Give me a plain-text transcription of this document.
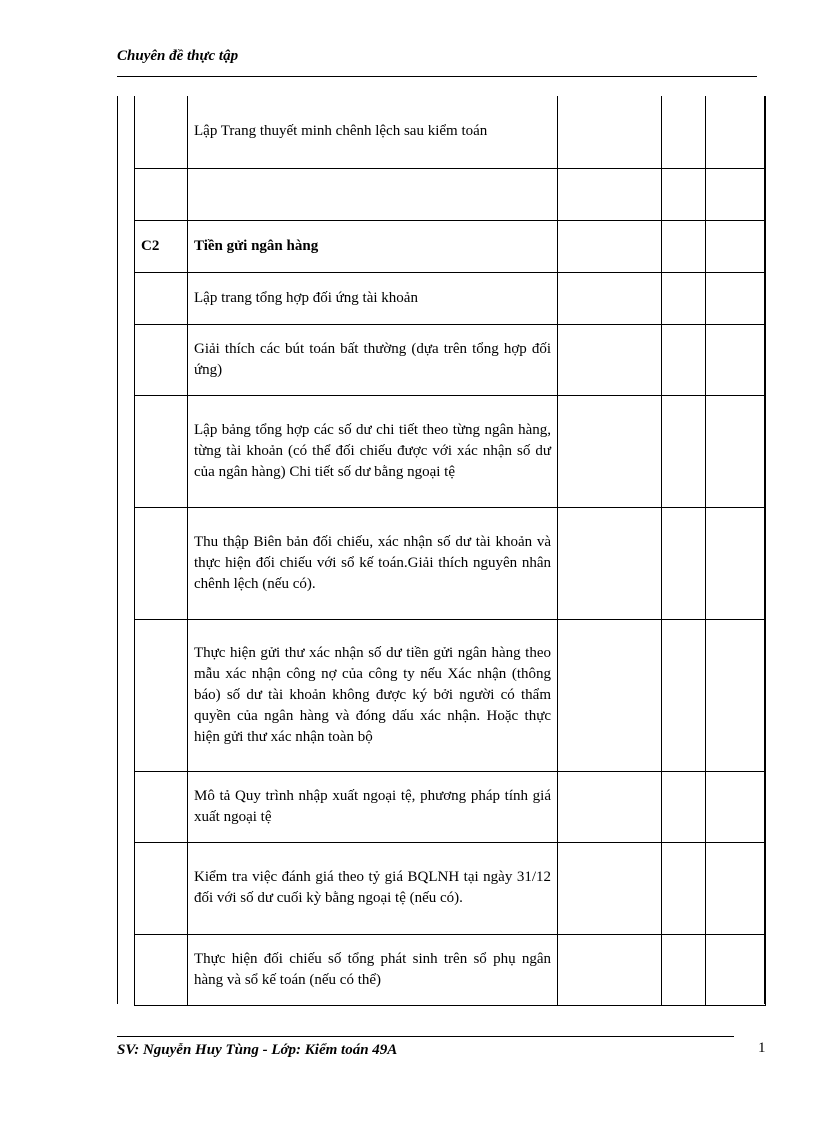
Chuyên đề thực tập
	Lập Trang thuyết minh chênh lệch sau kiểm toán			

C2	Tiền gửi ngân hàng			
	Lập trang tổng hợp đối ứng tài khoản			
	Giải thích các bút toán bất thường (dựa trên tổng hợp đối ứng)			
	Lập bảng tổng hợp các số dư chi tiết theo từng ngân hàng, từng tài khoản (có thể đối chiếu được với xác nhận số dư của ngân hàng) Chi tiết số dư bằng ngoại tệ			
	Thu thập Biên bản đối chiếu, xác nhận số dư tài khoản và thực hiện đối chiếu với sổ kế toán.Giải thích nguyên nhân chênh lệch (nếu có).			
	Thực hiện gửi thư xác nhận số dư tiền gửi ngân hàng theo mẫu xác nhận công nợ của công ty nếu Xác nhận (thông báo) số dư tài khoản không được ký bởi người có thẩm quyền của ngân hàng và đóng dấu xác nhận. Hoặc thực hiện gửi thư xác nhận toàn bộ			
	Mô tả Quy trình nhập xuất ngoại tệ, phương pháp tính giá xuất ngoại tệ			
	Kiểm tra việc đánh giá theo tỷ giá BQLNH tại ngày 31/12 đối với số dư cuối kỳ bằng ngoại tệ (nếu có).			
	Thực hiện đối chiếu số tổng phát sinh trên sổ phụ ngân hàng và sổ kế toán (nếu có thể)			
SV: Nguyễn Huy Tùng - Lớp: Kiểm toán 49A	1
